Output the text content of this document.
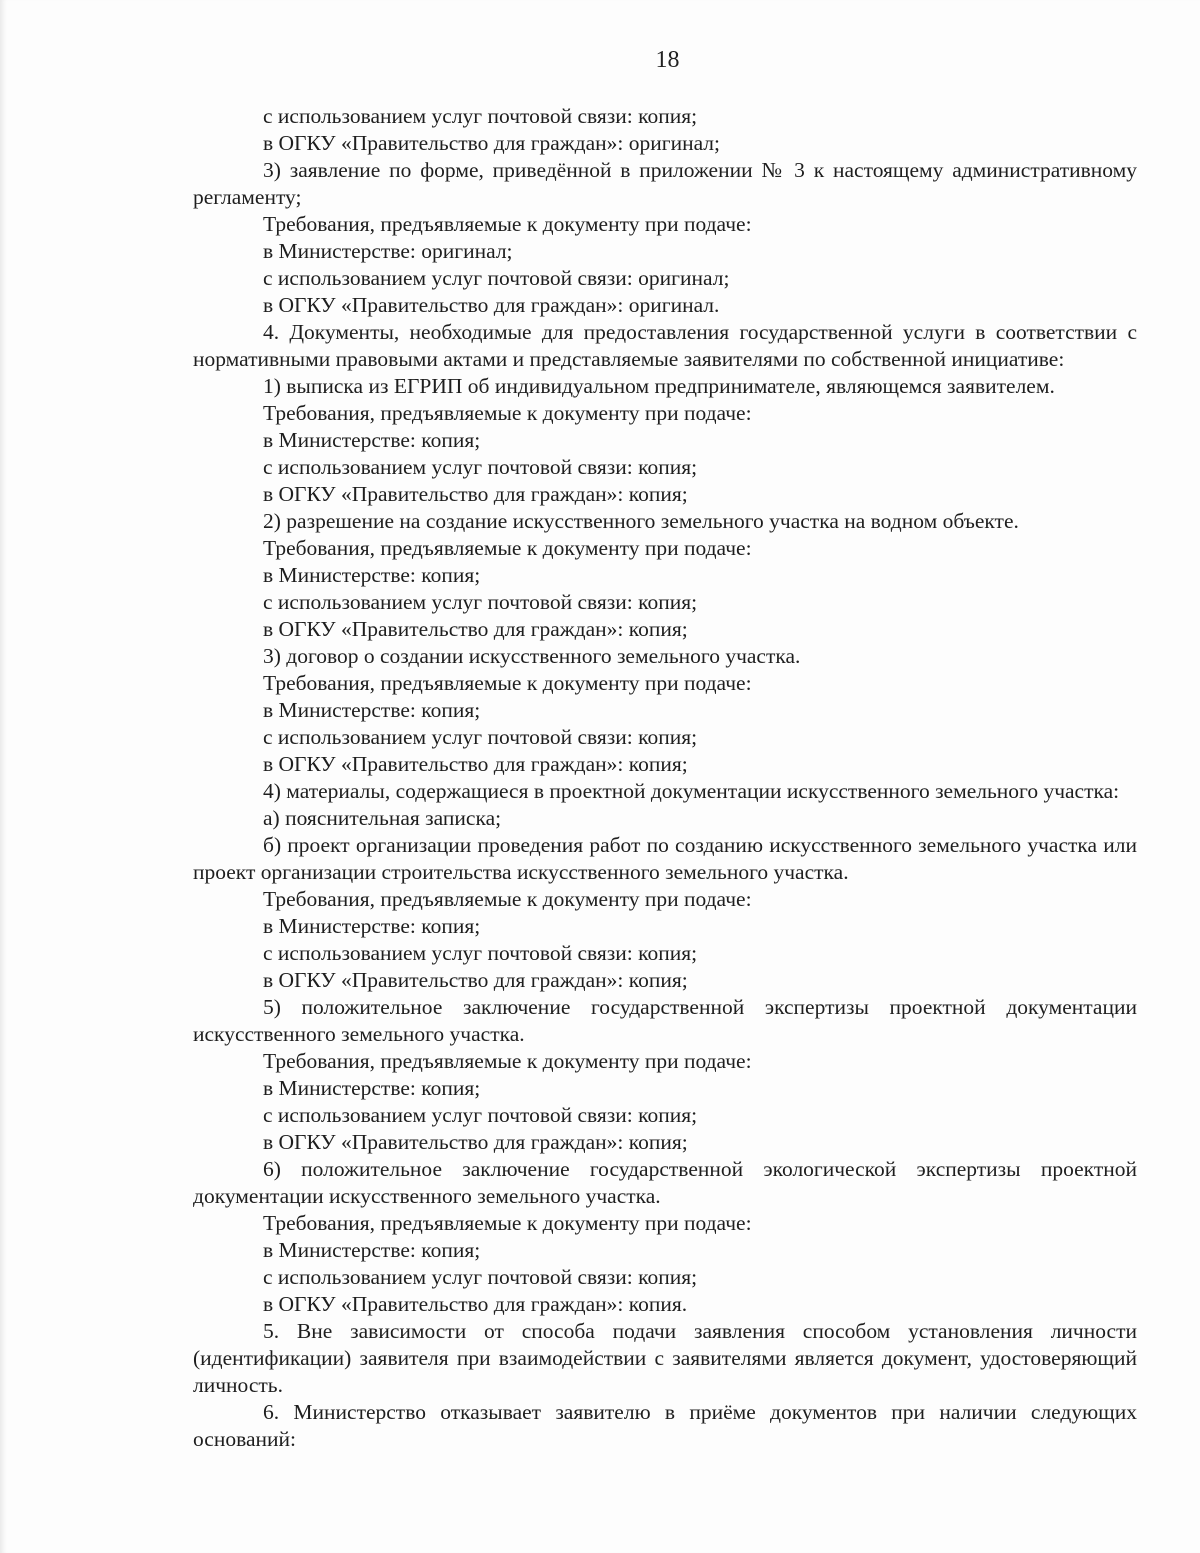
18

с использованием услуг почтовой связи: копия;

в ОГКУ «Правительство для граждан»: оригинал;

3) заявление по форме, приведённой в приложении № 3 к настоящему административному регламенту;

Требования, предъявляемые к документу при подаче:

в Министерстве: оригинал;

с использованием услуг почтовой связи: оригинал;

в ОГКУ «Правительство для граждан»: оригинал.

4. Документы, необходимые для предоставления государственной услуги в соответствии с нормативными правовыми актами и представляемые заявителями по собственной инициативе:

1) выписка из ЕГРИП об индивидуальном предпринимателе, являющемся заявителем.

Требования, предъявляемые к документу при подаче:

в Министерстве: копия;

с использованием услуг почтовой связи: копия;

в ОГКУ «Правительство для граждан»: копия;

2) разрешение на создание искусственного земельного участка на водном объекте.

Требования, предъявляемые к документу при подаче:

в Министерстве: копия;

с использованием услуг почтовой связи: копия;

в ОГКУ «Правительство для граждан»: копия;

3) договор о создании искусственного земельного участка.

Требования, предъявляемые к документу при подаче:

в Министерстве: копия;

с использованием услуг почтовой связи: копия;

в ОГКУ «Правительство для граждан»: копия;

4) материалы, содержащиеся в проектной документации искусственного земельного участка:

а) пояснительная записка;

б) проект организации проведения работ по созданию искусственного земельного участка или проект организации строительства искусственного земельного участка.

Требования, предъявляемые к документу при подаче:

в Министерстве: копия;

с использованием услуг почтовой связи: копия;

в ОГКУ «Правительство для граждан»: копия;

5) положительное заключение государственной экспертизы проектной документации искусственного земельного участка.

Требования, предъявляемые к документу при подаче:

в Министерстве: копия;

с использованием услуг почтовой связи: копия;

в ОГКУ «Правительство для граждан»: копия;

6) положительное заключение государственной экологической экспертизы проектной документации искусственного земельного участка.

Требования, предъявляемые к документу при подаче:

в Министерстве: копия;

с использованием услуг почтовой связи: копия;

в ОГКУ «Правительство для граждан»: копия.

5. Вне зависимости от способа подачи заявления способом установления личности (идентификации) заявителя при взаимодействии с заявителями является документ, удостоверяющий личность.

6. Министерство отказывает заявителю в приёме документов при наличии следующих оснований:
